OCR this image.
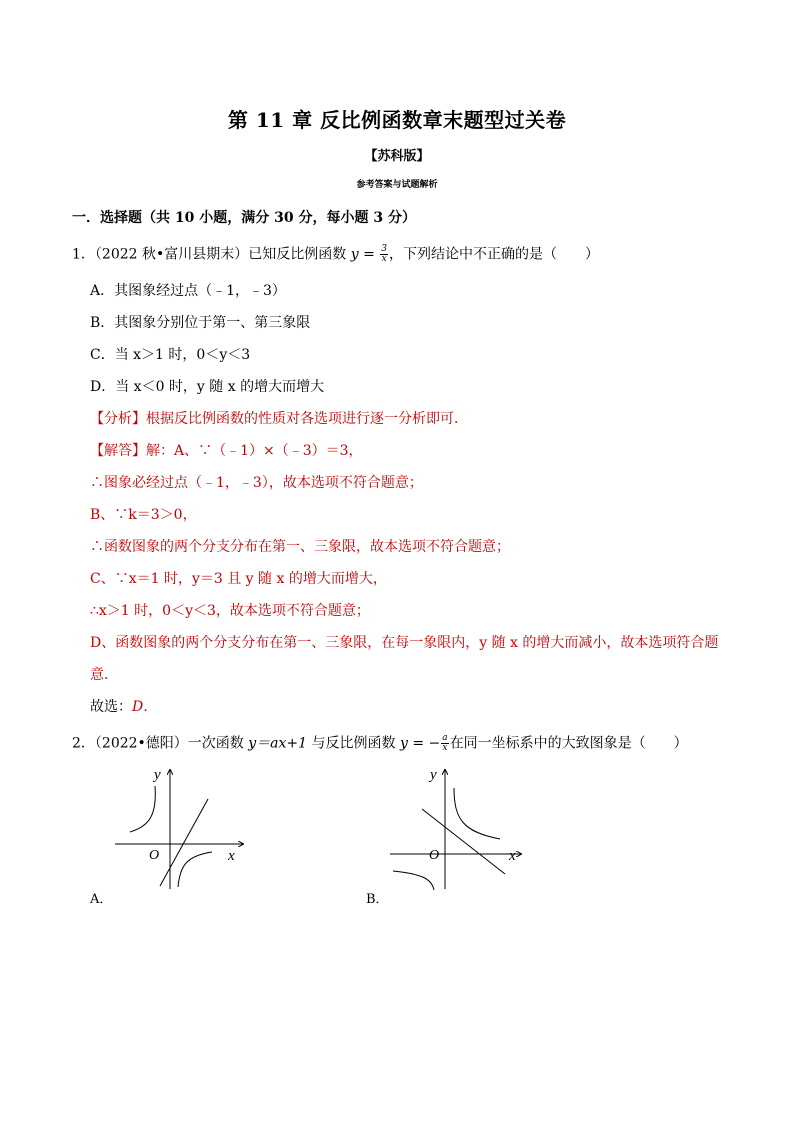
第 11 章 反比例函数章末题型过关卷
【苏科版】
参考答案与试题解析
一．选择题（共 10 小题，满分 30 分，每小题 3 分）
1．（2022 秋•富川县期末）已知反比例函数 $y = \frac{3}{x}$ ，下列结论中不正确的是（　　）
A．其图象经过点（﹣1，﹣3）
B．其图象分别位于第一、第三象限
C．当 x＞1 时，0＜y＜3
D．当 x＜0 时，y 随 x 的增大而增大
【分析】根据反比例函数的性质对各选项进行逐一分析即可．
【解答】解：A、∵（﹣1）×（﹣3）＝3，
∴图象必经过点（﹣1，﹣3），故本选项不符合题意；
B、∵k＝3＞0，
∴函数图象的两个分支分布在第一、三象限，故本选项不符合题意；
C、∵x＝1 时，y＝3 且 y 随 x 的增大而增大，
∴x＞1 时，0＜y＜3，故本选项不符合题意；
D、函数图象的两个分支分布在第一、三象限，在每一象限内，y 随 x 的增大而减小，故本选项符合题
意．
故选：D．
2．（2022•德阳）一次函数 y＝ax+1 与反比例函数 y = − $\frac{a}{x}$ 在同一坐标系中的大致图象是（　　）
y
x
O
A．
y
x
O
B．
